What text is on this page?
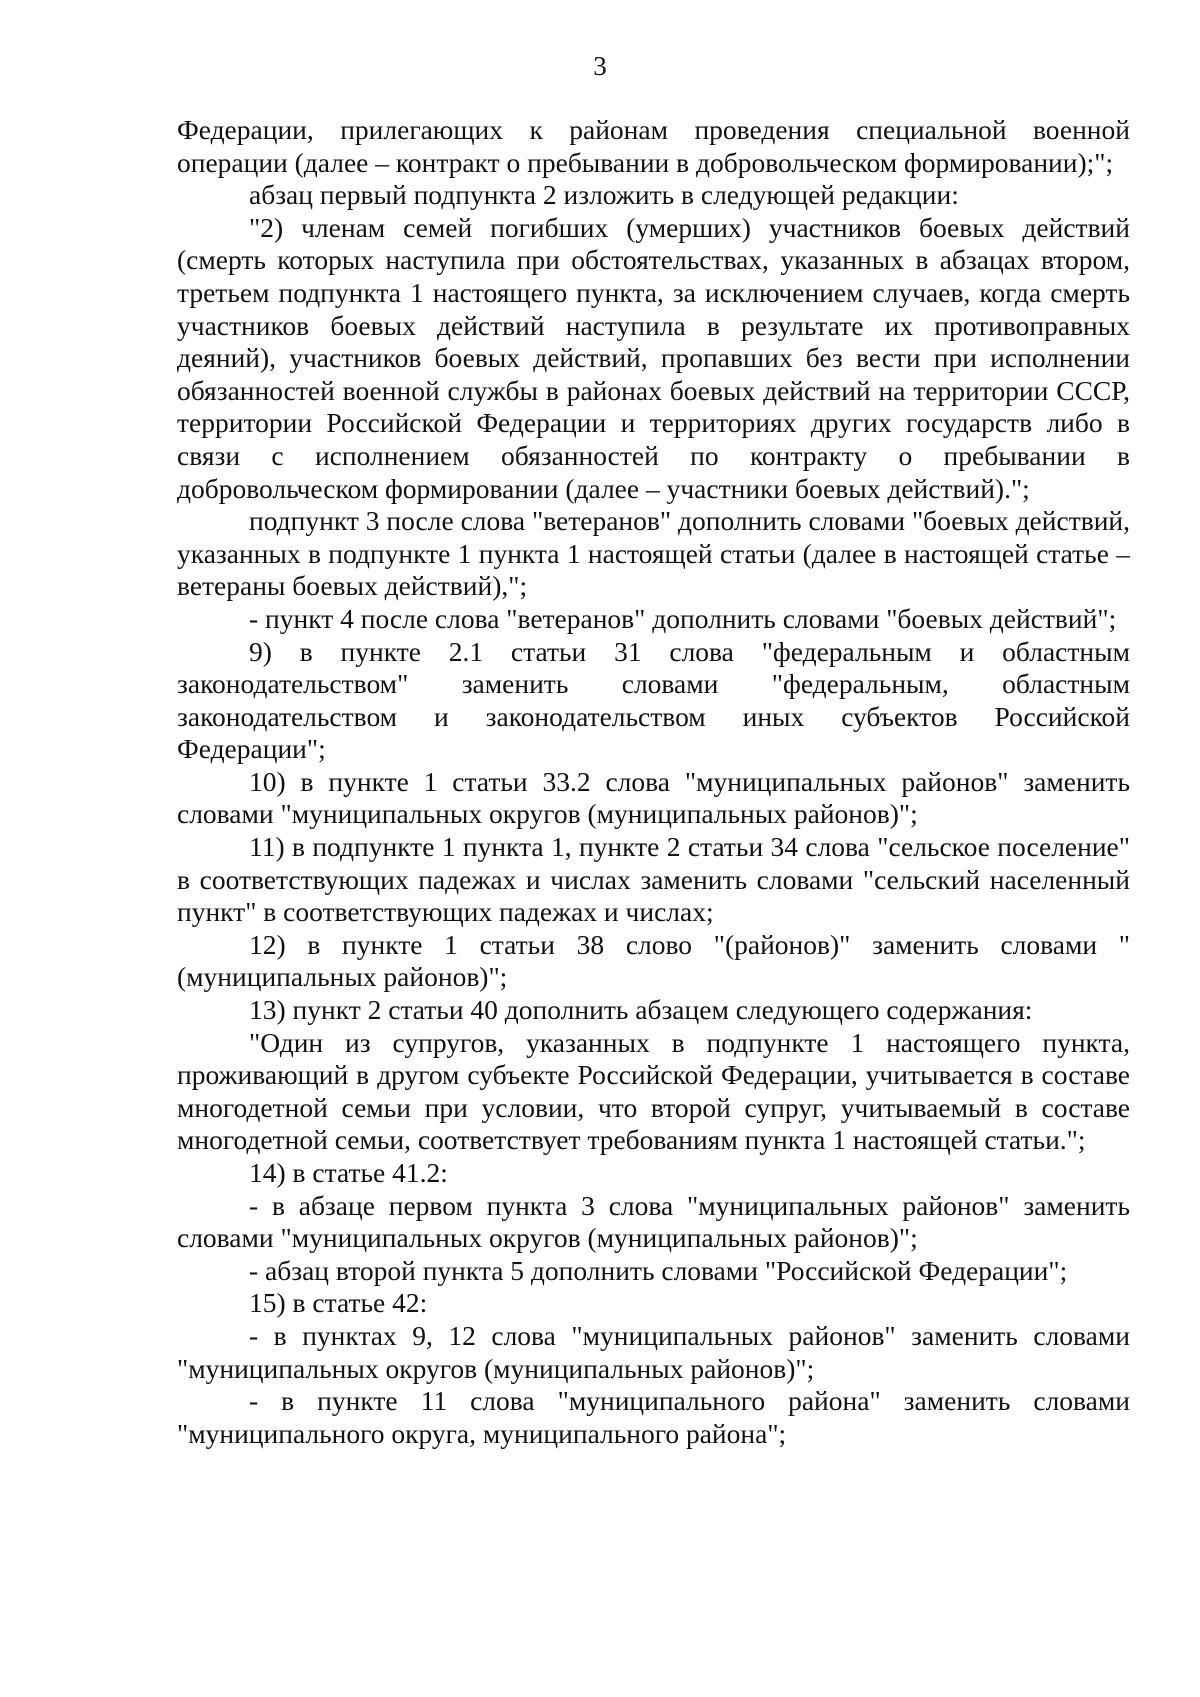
3

Федерации, прилегающих к районам проведения специальной военной операции (далее – контракт о пребывании в добровольческом формировании);";

абзац первый подпункта 2 изложить в следующей редакции:

"2) членам семей погибших (умерших) участников боевых действий (смерть которых наступила при обстоятельствах, указанных в абзацах втором, третьем подпункта 1 настоящего пункта, за исключением случаев, когда смерть участников боевых действий наступила в результате их противоправных деяний), участников боевых действий, пропавших без вести при исполнении обязанностей военной службы в районах боевых действий на территории СССР, территории Российской Федерации и территориях других государств либо в связи с исполнением обязанностей по контракту о пребывании в добровольческом формировании (далее – участники боевых действий).";

подпункт 3 после слова "ветеранов" дополнить словами "боевых действий, указанных в подпункте 1 пункта 1 настоящей статьи (далее в настоящей статье – ветераны боевых действий),";

- пункт 4 после слова "ветеранов" дополнить словами "боевых действий";

9) в пункте 2.1 статьи 31 слова "федеральным и областным законодательством" заменить словами "федеральным, областным законодательством и законодательством иных субъектов Российской Федерации";

10) в пункте 1 статьи 33.2 слова "муниципальных районов" заменить словами "муниципальных округов (муниципальных районов)";

11) в подпункте 1 пункта 1, пункте 2 статьи 34 слова "сельское поселение" в соответствующих падежах и числах заменить словами "сельский населенный пункт" в соответствующих падежах и числах;

12) в пункте 1 статьи 38 слово "(районов)" заменить словами "(муниципальных районов)";

13) пункт 2 статьи 40 дополнить абзацем следующего содержания:

"Один из супругов, указанных в подпункте 1 настоящего пункта, проживающий в другом субъекте Российской Федерации, учитывается в составе многодетной семьи при условии, что второй супруг, учитываемый в составе многодетной семьи, соответствует требованиям пункта 1 настоящей статьи.";

14) в статье 41.2:

- в абзаце первом пункта 3 слова "муниципальных районов" заменить словами "муниципальных округов (муниципальных районов)";

- абзац второй пункта 5 дополнить словами "Российской Федерации";

15) в статье 42:

- в пунктах 9, 12 слова "муниципальных районов" заменить словами "муниципальных округов (муниципальных районов)";

- в пункте 11 слова "муниципального района" заменить словами "муниципального округа, муниципального района";
